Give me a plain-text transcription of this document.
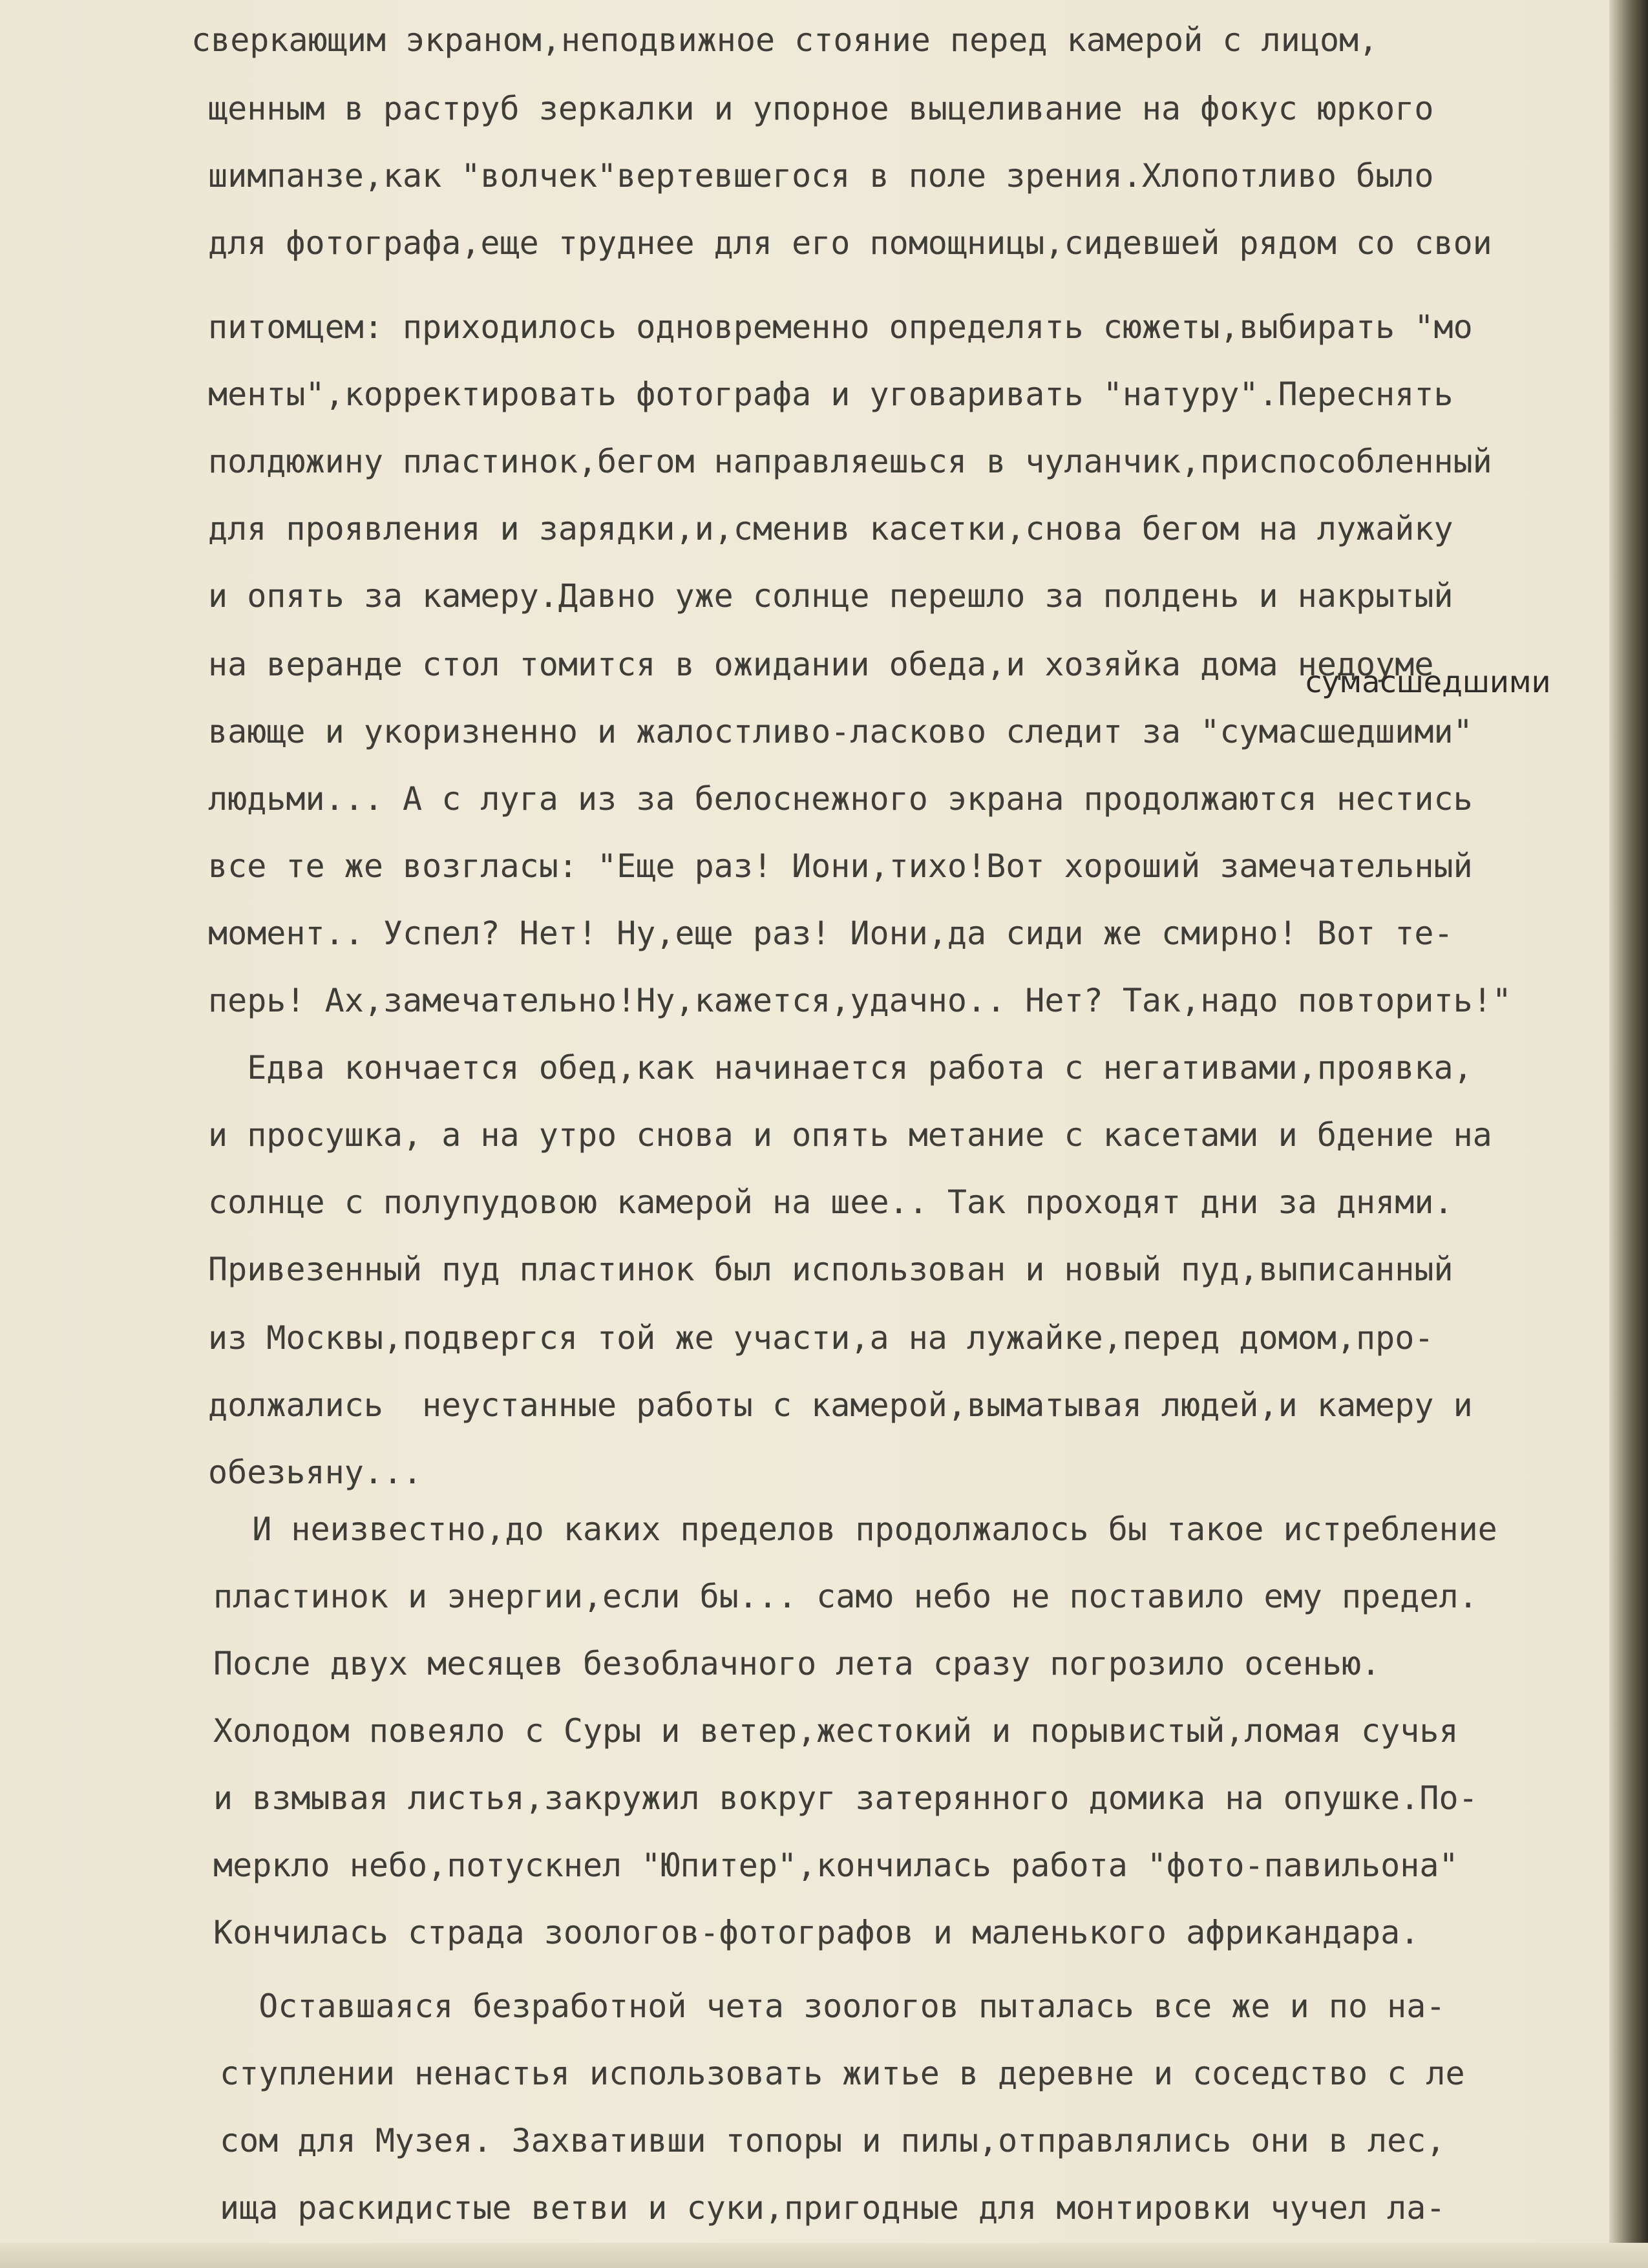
сверкающим экраном,неподвижное стояние перед камерой с лицом,
щенным в раструб зеркалки и упорное выцеливание на фокус юркого
шимпанзе,как "волчек"вертевшегося в поле зрения.Хлопотливо было
для фотографа,еще труднее для его помощницы,сидевшей рядом со свои
питомцем: приходилось одновременно определять сюжеты,выбирать "мо
менты",корректировать фотографа и уговаривать "натуру".Переснять
полдюжину пластинок,бегом направляешься в чуланчик,приспособленный
для проявления и зарядки,и,сменив касетки,снова бегом на лужайку
и опять за камеру.Давно уже солнце перешло за полдень и накрытый
на веранде стол томится в ожидании обеда,и хозяйка дома недоуме
сумасшедшими
вающе и укоризненно и жалостливо-ласково следит за "сумасшедшими"
людьми... А с луга из за белоснежного экрана продолжаются нестись
все те же возгласы: "Еще раз! Иони,тихо!Вот хороший замечательный
момент.. Успел? Нет! Ну,еще раз! Иони,да сиди же смирно! Вот те-
перь! Ах,замечательно!Ну,кажется,удачно.. Нет? Так,надо повторить!"
Едва кончается обед,как начинается работа с негативами,проявка,
и просушка, а на утро снова и опять метание с касетами и бдение на
солнце с полупудовою камерой на шее.. Так проходят дни за днями.
Привезенный пуд пластинок был использован и новый пуд,выписанный
из Москвы,подвергся той же участи,а на лужайке,перед домом,про-
должались  неустанные работы с камерой,выматывая людей,и камеру и
обезьяну...
И неизвестно,до каких пределов продолжалось бы такое истребление
пластинок и энергии,если бы... само небо не поставило ему предел.
После двух месяцев безоблачного лета сразу погрозило осенью.
Холодом повеяло с Суры и ветер,жестокий и порывистый,ломая сучья
и взмывая листья,закружил вокруг затерянного домика на опушке.По-
меркло небо,потускнел "Юпитер",кончилась работа "фото-павильона"
Кончилась страда зоологов-фотографов и маленького африкандара.
Оставшаяся безработной чета зоологов пыталась все же и по на-
ступлении ненастья использовать житье в деревне и соседство с ле
сом для Музея. Захвативши топоры и пилы,отправлялись они в лес,
ища раскидистые ветви и суки,пригодные для монтировки чучел ла-
